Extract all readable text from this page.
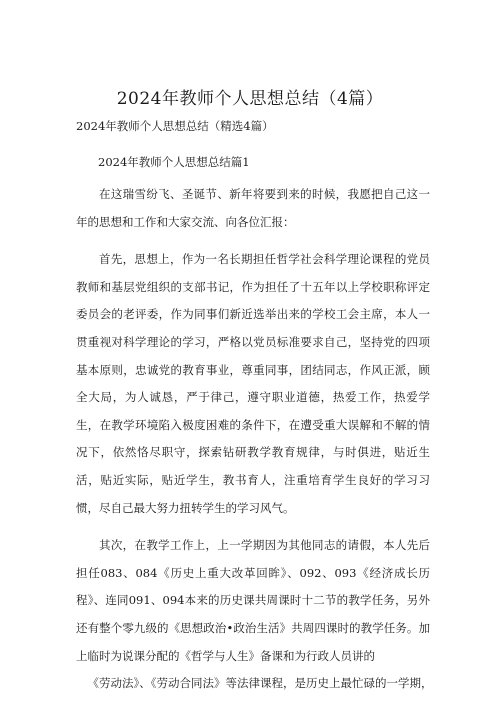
2024年教师个人思想总结（4篇）
2024年教师个人思想总结（精选4篇）
2024年教师个人思想总结篇1

在这瑞雪纷飞、圣诞节、新年将要到来的时候，我愿把自己这一年的思想和工作和大家交流、向各位汇报：

首先，思想上，作为一名长期担任哲学社会科学理论课程的党员教师和基层党组织的支部书记，作为担任了十五年以上学校职称评定委员会的老评委，作为同事们新近选举出来的学校工会主席，本人一贯重视对科学理论的学习，严格以党员标准要求自己，坚持党的四项基本原则，忠诚党的教育事业，尊重同事，团结同志，作风正派，顾全大局，为人诚恳，严于律己，遵守职业道德，热爱工作，热爱学生，在教学环境陷入极度困难的条件下，在遭受重大误解和不解的情况下，依然恪尽职守，探索钻研教学教育规律，与时俱进，贴近生活，贴近实际，贴近学生，教书育人，注重培育学生良好的学习习惯，尽自己最大努力扭转学生的学习风气。

其次，在教学工作上，上一学期因为其他同志的请假，本人先后担任083、084《历史上重大改革回眸》、092、093《经济成长历程》、连同091、094本来的历史课共周课时十二节的教学任务，另外还有整个零九级的《思想政治•政治生活》共周四课时的教学任务。加上临时为说课分配的《哲学与人生》备课和为行政人员讲的

《劳动法》、《劳动合同法》等法律课程，是历史上最忙碌的一学期，
